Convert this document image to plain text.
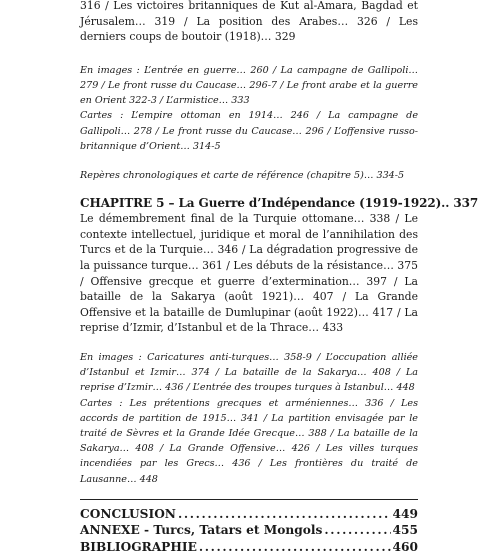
316 / Les victoires britanniques de Kut al-Amara, Bagdad et Jérusalem… 319 / La position des Arabes… 326 / Les derniers coups de boutoir (1918)… 329

En images : L’entrée en guerre… 260 / La campagne de Gallipoli… 279 / Le front russe du Caucase… 296-7 / Le front arabe et la guerre en Orient 322-3 / L’armistice… 333

Cartes : L’empire ottoman en 1914… 246 / La campagne de Gallipoli… 278 / Le front russe du Caucase… 296 / L’offensive russo-britannique d’Orient… 314-5

Repères chronologiques et carte de référence (chapitre 5)… 334-5

CHAPITRE 5 – La Guerre d’Indépendance (1919-1922).. 337

Le démembrement final de la Turquie ottomane… 338 / Le contexte intellectuel, juridique et moral de l’annihilation des Turcs et de la Turquie… 346 / La dégradation progressive de la puissance turque… 361 / Les débuts de la résistance… 375 / Offensive grecque et guerre d’extermination… 397 / La bataille de la Sakarya (août 1921)… 407 / La Grande Offensive et la bataille de Dumlupinar (août 1922)… 417 / La reprise d’Izmir, d’Istanbul et de la Thrace… 433

En images : Caricatures anti-turques… 358-9 / L’occupation alliée d’Istanbul et Izmir… 374 / La bataille de la Sakarya… 408 / La reprise d’Izmir… 436 / L’entrée des troupes turques à Istanbul… 448

Cartes : Les prétentions grecques et arméniennes… 336 / Les accords de partition de 1915… 341 / La partition envisagée par le traité de Sèvres et la Grande Idée Grecque… 388 / La bataille de la Sakarya… 408 / La Grande Offensive… 426 / Les villes turques incendiées par les Grecs… 436 / Les frontières du traité de Lausanne… 448

CONCLUSION . . .	449
ANNEXE - Turcs, Tatars et Mongols . . .	455
BIBLIOGRAPHIE . . .	460
